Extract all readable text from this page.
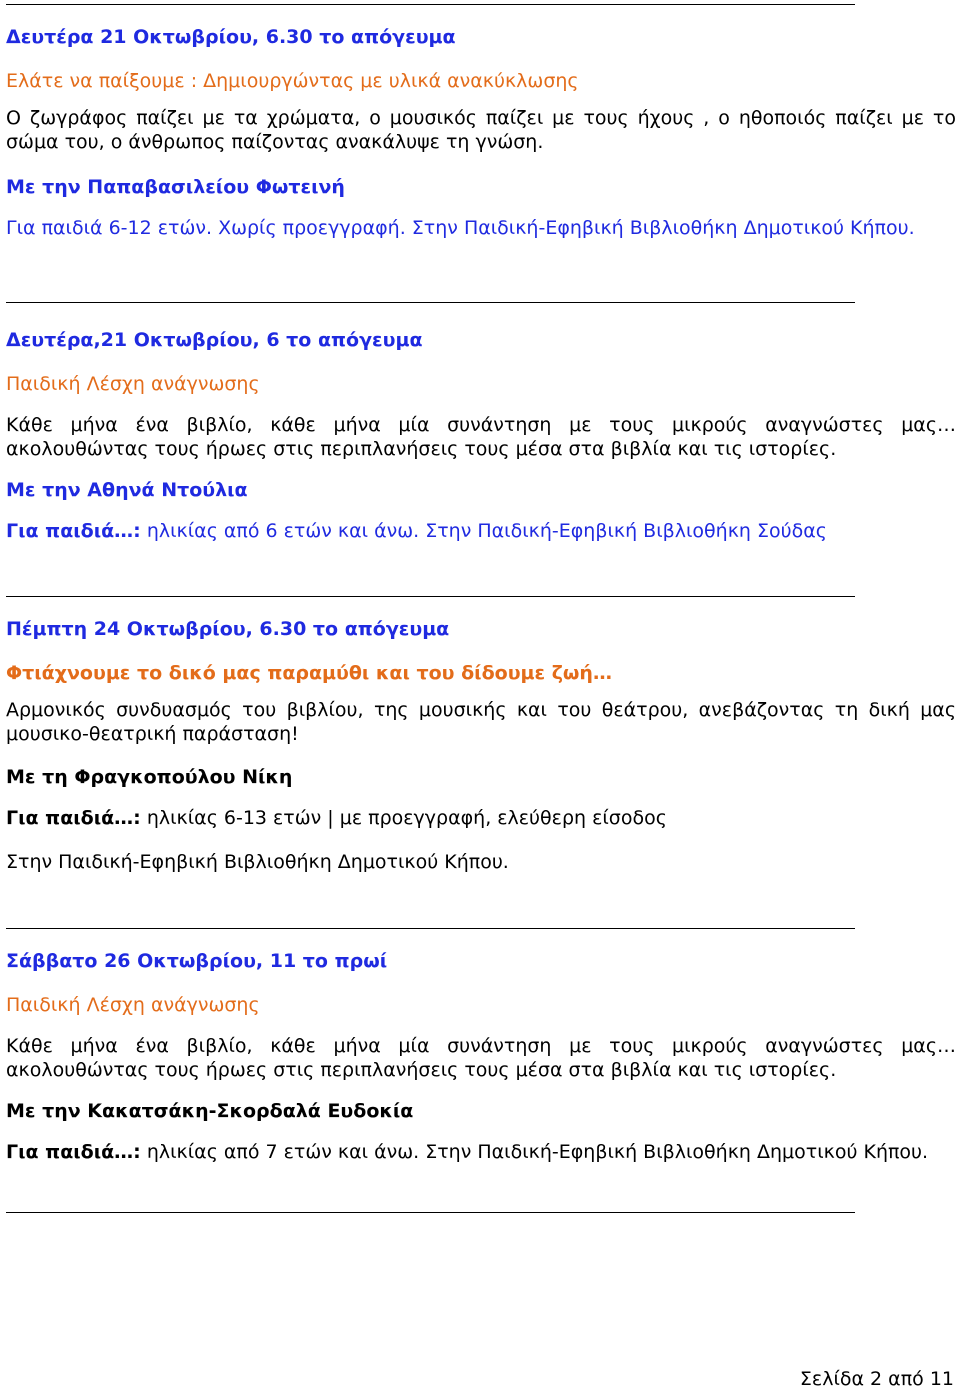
Δευτέρα 21 Οκτωβρίου, 6.30 το απόγευμα
Ελάτε να παίξουμε : Δημιουργώντας με υλικά ανακύκλωσης
Ο ζωγράφος παίζει με τα χρώματα, ο μουσικός παίζει με τους ήχους , ο ηθοποιός παίζει με το σώμα του, ο άνθρωπος παίζοντας ανακάλυψε τη γνώση.
Με την Παπαβασιλείου Φωτεινή
Για παιδιά 6-12 ετών. Χωρίς προεγγραφή. Στην Παιδική-Εφηβική Βιβλιοθήκη Δημοτικού Κήπου.
Δευτέρα,21 Οκτωβρίου, 6 το απόγευμα
Παιδική Λέσχη ανάγνωσης
Κάθε μήνα ένα βιβλίο, κάθε μήνα μία συνάντηση με τους μικρούς αναγνώστες μας… ακολουθώντας τους ήρωες στις περιπλανήσεις τους μέσα στα βιβλία και τις ιστορίες.
Με την Αθηνά Ντούλια
Για παιδιά…: ηλικίας από 6 ετών και άνω. Στην Παιδική-Εφηβική Βιβλιοθήκη Σούδας
Πέμπτη 24 Οκτωβρίου, 6.30 το απόγευμα
Φτιάχνουμε το δικό μας παραμύθι και του δίδουμε ζωή…
Αρμονικός συνδυασμός του βιβλίου, της μουσικής και του θεάτρου, ανεβάζοντας τη δική μας μουσικο-θεατρική παράσταση!
Με τη Φραγκοπούλου Νίκη
Για παιδιά…: ηλικίας 6-13 ετών | με προεγγραφή, ελεύθερη είσοδος
Στην Παιδική-Εφηβική Βιβλιοθήκη Δημοτικού Κήπου.
Σάββατο 26 Οκτωβρίου, 11 το πρωί
Παιδική Λέσχη ανάγνωσης
Κάθε μήνα ένα βιβλίο, κάθε μήνα μία συνάντηση με τους μικρούς αναγνώστες μας…ακολουθώντας τους ήρωες στις περιπλανήσεις τους μέσα στα βιβλία και τις ιστορίες.
Με την Κακατσάκη-Σκορδαλά Ευδοκία
Για παιδιά…: ηλικίας από 7 ετών και άνω. Στην Παιδική-Εφηβική Βιβλιοθήκη Δημοτικού Κήπου.
Σελίδα 2 από 11
